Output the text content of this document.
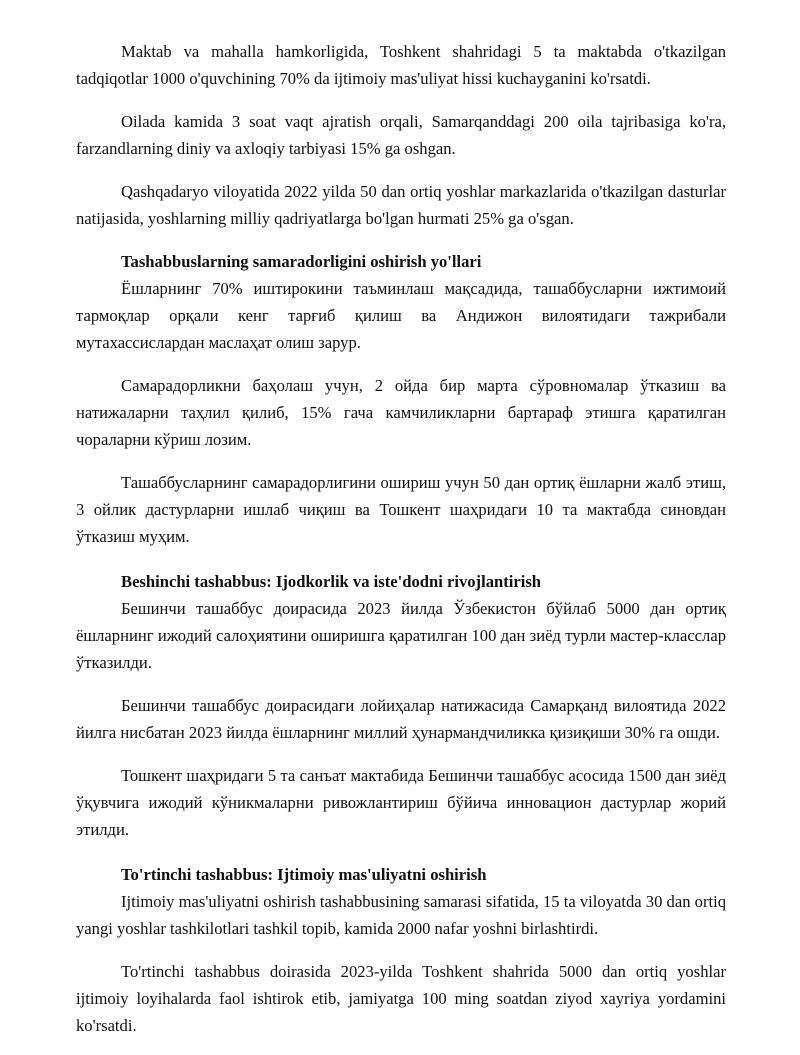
Maktab va mahalla hamkorligida, Toshkent shahridagi 5 ta maktabda o'tkazilgan tadqiqotlar 1000 o'quvchining 70% da ijtimoiy mas'uliyat hissi kuchayganini ko'rsatdi.

Oilada kamida 3 soat vaqt ajratish orqali, Samarqanddagi 200 oila tajribasiga ko'ra, farzandlarning diniy va axloqiy tarbiyasi 15% ga oshgan.

Qashqadaryo viloyatida 2022 yilda 50 dan ortiq yoshlar markazlarida o'tkazilgan dasturlar natijasida, yoshlarning milliy qadriyatlarga bo'lgan hurmati 25% ga o'sgan.

Tashabbuslarning samaradorligini oshirish yo'llari

Ёшларнинг 70% иштирокини таъминлаш мақсадида, ташаббусларни ижтимоий тармоқлар орқали кенг тарғиб қилиш ва Андижон вилоятидаги тажрибали мутахассислардан маслаҳат олиш зарур.

Самарадорликни баҳолаш учун, 2 ойда бир марта сўровномалар ўтказиш ва натижаларни таҳлил қилиб, 15% гача камчиликларни бартараф этишга қаратилган чораларни кўриш лозим.

Ташаббусларнинг самарадорлигини ошириш учун 50 дан ортиқ ёшларни жалб этиш, 3 ойлик дастурларни ишлаб чиқиш ва Тошкент шаҳридаги 10 та мактабда синовдан ўтказиш муҳим.

Beshinchi tashabbus: Ijodkorlik va iste'dodni rivojlantirish

Бешинчи ташаббус доирасида 2023 йилда Ўзбекистон бўйлаб 5000 дан ортиқ ёшларнинг ижодий салоҳиятини оширишга қаратилган 100 дан зиёд турли мастер-класслар ўтказилди.

Бешинчи ташаббус доирасидаги лойиҳалар натижасида Самарқанд вилоятида 2022 йилга нисбатан 2023 йилда ёшларнинг миллий ҳунармандчиликка қизиқиши 30% га ошди.

Тошкент шаҳридаги 5 та санъат мактабида Бешинчи ташаббус асосида 1500 дан зиёд ўқувчига ижодий кўникмаларни ривожлантириш бўйича инновацион дастурлар жорий этилди.

To'rtinchi tashabbus: Ijtimoiy mas'uliyatni oshirish

Ijtimoiy mas'uliyatni oshirish tashabbusining samarasi sifatida, 15 ta viloyatda 30 dan ortiq yangi yoshlar tashkilotlari tashkil topib, kamida 2000 nafar yoshni birlashtirdi.

To'rtinchi tashabbus doirasida 2023-yilda Toshkent shahrida 5000 dan ortiq yoshlar ijtimoiy loyihalarda faol ishtirok etib, jamiyatga 100 ming soatdan ziyod xayriya yordamini ko'rsatdi.
